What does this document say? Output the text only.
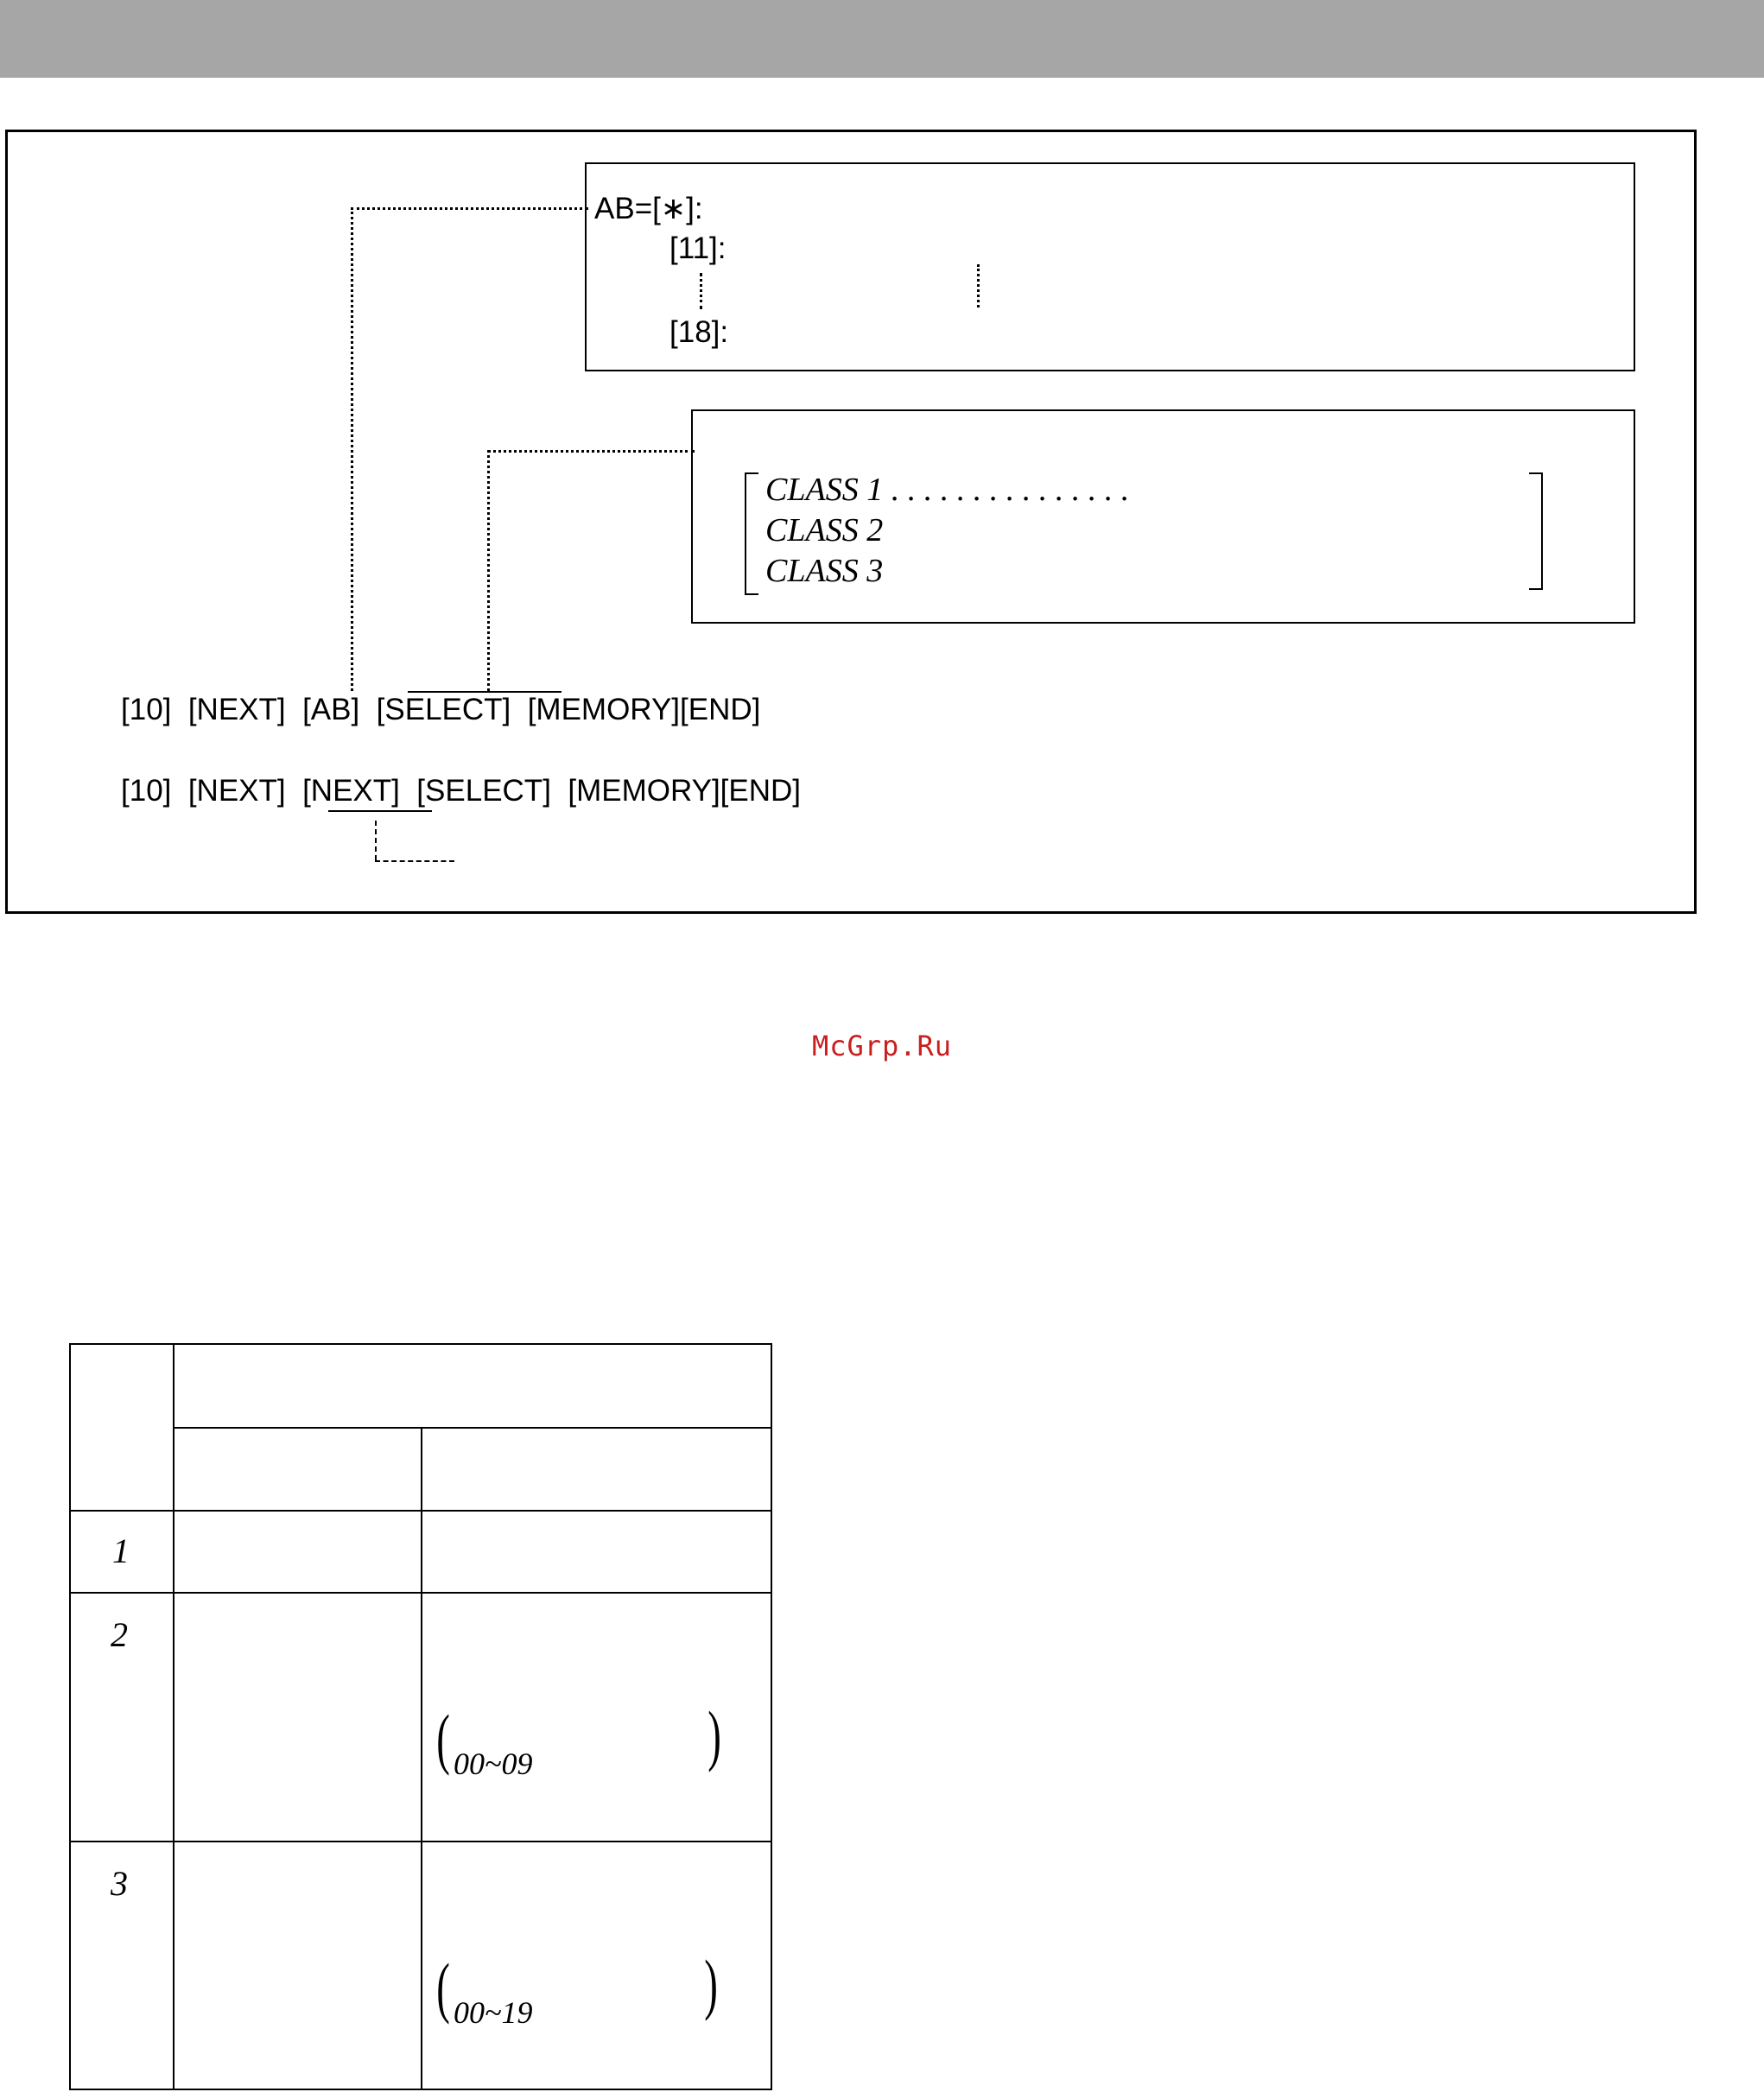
AB=[∗]:
[11]:
[18]:
CLASS 1 . . . . . . . . . . . . . . .
CLASS 2
CLASS 3
[10]  [NEXT]  [AB]  [SELECT]  [MEMORY][END]
[10]  [NEXT]  [NEXT]  [SELECT]  [MEMORY][END]
McGrp.Ru
1
2
3
( 00~09	)
( 00~19	)
